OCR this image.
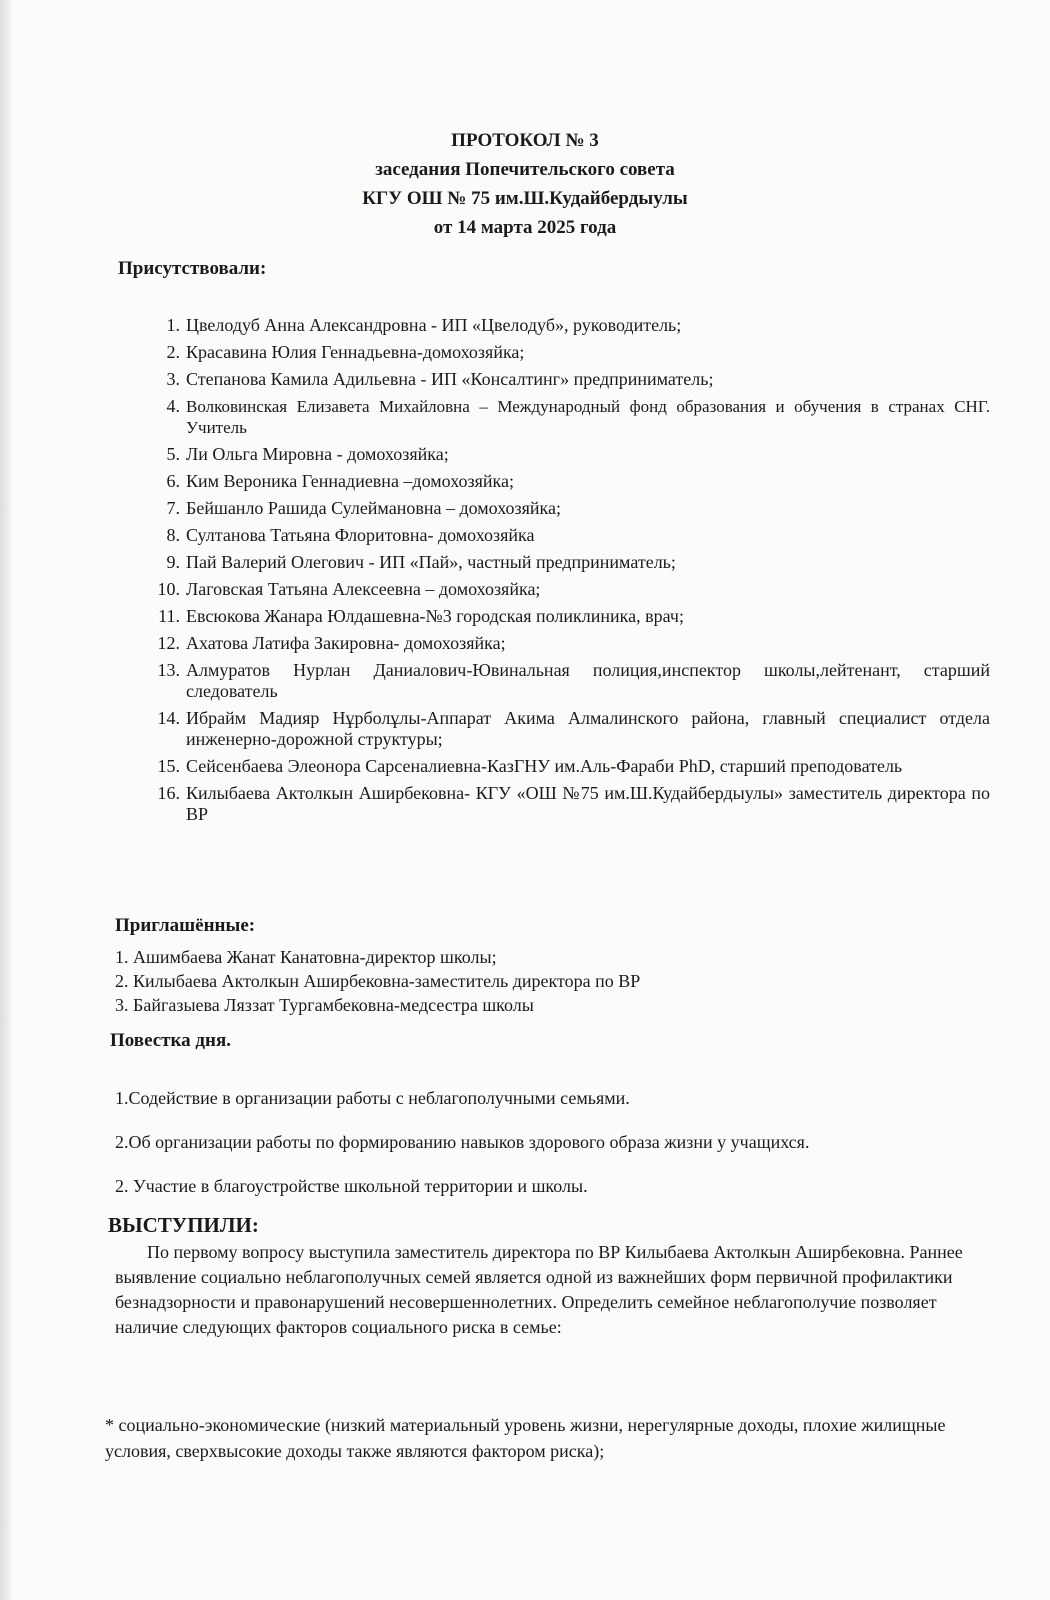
ПРОТОКОЛ № 3
заседания Попечительского совета
КГУ ОШ № 75 им.Ш.Кудайбердыулы
от 14 марта 2025 года
Присутствовали:
1. Цвелодуб Анна Александровна - ИП «Цвелодуб», руководитель;
2. Красавина Юлия Геннадьевна-домохозяйка;
3. Степанова Камила Адильевна - ИП «Консалтинг» предприниматель;
4. Волковинская Елизавета Михайловна – Международный фонд образования и обучения в странах СНГ. Учитель
5. Ли Ольга Мировна - домохозяйка;
6. Ким Вероника Геннадиевна –домохозяйка;
7. Бейшанло Рашида Сулеймановна – домохозяйка;
8. Султанова Татьяна Флоритовна- домохозяйка
9. Пай Валерий Олегович - ИП «Пай», частный предприниматель;
10. Лаговская Татьяна Алексеевна – домохозяйка;
11. Евсюкова Жанара Юлдашевна-№3 городская поликлиника, врач;
12. Ахатова Латифа Закировна- домохозяйка;
13. Алмуратов Нурлан Даниалович-Ювинальная полиция,инспектор школы,лейтенант, старший следователь
14. Ибрайм Мадияр Нұрболұлы-Аппарат Акима Алмалинского района, главный специалист отдела инженерно-дорожной структуры;
15. Сейсенбаева Элеонора Сарсеналиевна-КазГНУ им.Аль-Фараби PhD, старший преподователь
16. Килыбаева Актолкын Аширбековна- КГУ «ОШ №75 им.Ш.Кудайбердыулы» заместитель директора по ВР
Приглашённые:
1. Ашимбаева Жанат Канатовна-директор школы;
2. Килыбаева Актолкын Аширбековна-заместитель директора по ВР
3. Байгазыева Ляззат Тургамбековна-медсестра школы
Повестка дня.
1.Содействие в организации работы с неблагополучными семьями.
2.Об организации работы по формированию навыков здорового образа жизни у учащихся.
2. Участие в благоустройстве школьной территории и школы.
ВЫСТУПИЛИ:

По первому вопросу выступила заместитель директора по ВР Килыбаева Актолкын Аширбековна. Раннее выявление социально неблагополучных семей является одной из важнейших форм первичной профилактики безнадзорности и правонарушений несовершеннолетних. Определить семейное неблагополучие позволяет наличие следующих факторов социального риска в семье:

* социально-экономические (низкий материальный уровень жизни, нерегулярные доходы, плохие жилищные условия, сверхвысокие доходы также являются фактором риска);
